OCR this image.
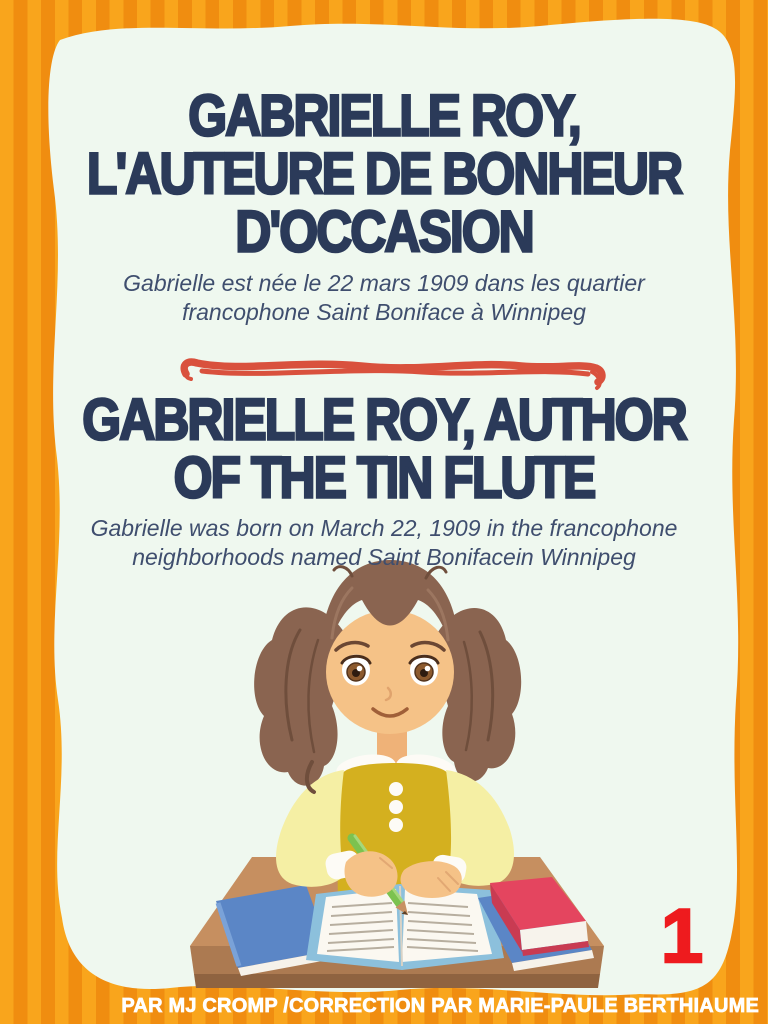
GABRIELLE ROY,
L'AUTEURE DE BONHEUR
D'OCCASION

Gabrielle est née le 22 mars 1909 dans les quartier
francophone Saint Boniface à Winnipeg

GABRIELLE ROY, AUTHOR
OF THE TIN FLUTE

Gabrielle was born on March 22, 1909 in the francophone
neighborhoods named Saint Bonifacein Winnipeg

1
PAR MJ CROMP /CORRECTION PAR MARIE-PAULE BERTHIAUME
